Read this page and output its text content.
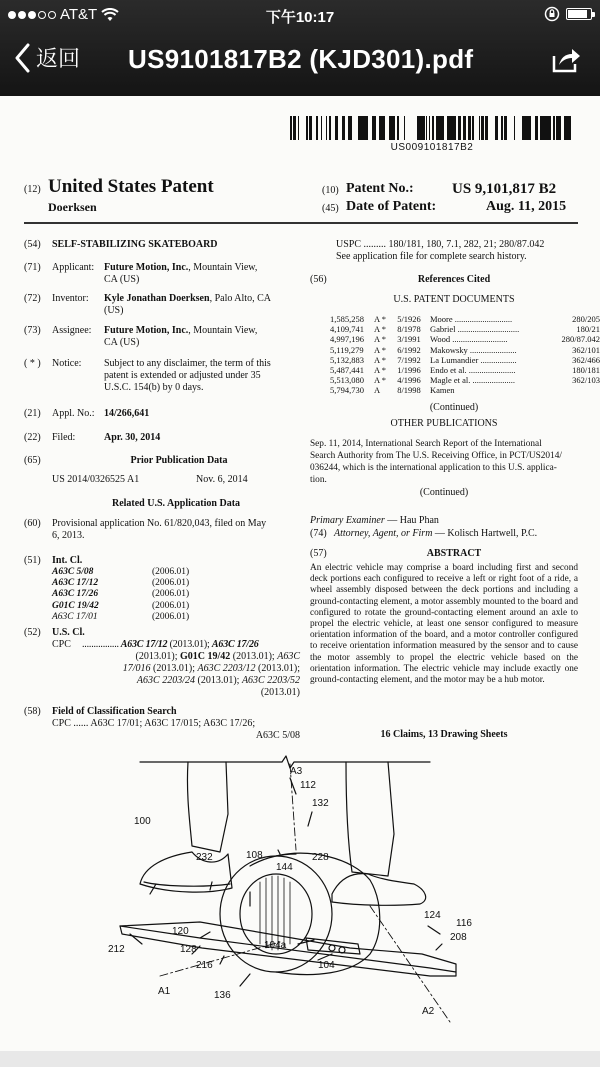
AT&T	下午10:17
返回 US9101817B2 (KJD301).pdf
US009101817B2
(12) United States Patent
Doerksen
(10) Patent No.:	US 9,101,817 B2
(45) Date of Patent:	Aug. 11, 2015
(54) SELF-STABILIZING SKATEBOARD
(71) Applicant: Future Motion, Inc., Mountain View,
CA (US)
(72) Inventor: Kyle Jonathan Doerksen, Palo Alto, CA
(US)
(73) Assignee: Future Motion, Inc., Mountain View,
CA (US)
( * ) Notice: Subject to any disclaimer, the term of this
patent is extended or adjusted under 35
U.S.C. 154(b) by 0 days.
(21) Appl. No.: 14/266,641
(22) Filed:	Apr. 30, 2014
(65)	Prior Publication Data
US 2014/0326525 A1	Nov. 6, 2014
Related U.S. Application Data
(60) Provisional application No. 61/820,043, filed on May
6, 2013.
(51) Int. Cl.
A63C 5/08	(2006.01)
A63C 17/12	(2006.01)
A63C 17/26	(2006.01)
G01C 19/42	(2006.01)
A63C 17/01	(2006.01)
(52) U.S. Cl.
CPC ................ A63C 17/12 (2013.01); A63C 17/26
(2013.01); G01C 19/42 (2013.01); A63C
17/016 (2013.01); A63C 2203/12 (2013.01);
A63C 2203/24 (2013.01); A63C 2203/52
(2013.01)
(58) Field of Classification Search
CPC ...... A63C 17/01; A63C 17/015; A63C 17/26;
A63C 5/08
USPC ......... 180/181, 180, 7.1, 282, 21; 280/87.042
See application file for complete search history.
(56)	References Cited
U.S. PATENT DOCUMENTS
1,585,258	A *	5/1926	Moore ...........................	280/205
4,109,741	A *	8/1978	Gabriel .............................	180/21
4,997,196	A *	3/1991	Wood ..........................	280/87.042
5,119,279	A *	6/1992	Makowsky ......................	362/101
5,132,883	A *	7/1992	La Lumandier .................	362/466
5,487,441	A *	1/1996	Endo et al. ......................	180/181
5,513,080	A *	4/1996	Magle et al. ....................	362/103
5,794,730	A	8/1998	Kamen
(Continued)
OTHER PUBLICATIONS
Sep. 11, 2014, International Search Report of the International
Search Authority from The U.S. Receiving Office, in PCT/US2014/
036244, which is the international application to this U.S. applica-
tion.
(Continued)
Primary Examiner — Hau Phan
(74) Attorney, Agent, or Firm — Kolisch Hartwell, P.C.
(57)	ABSTRACT
An electric vehicle may comprise a board including first and second deck portions each configured to receive a left or right foot of a ride, a wheel assembly disposed between the deck portions and including a ground-contacting element, a motor assembly mounted to the board and configured to rotate the ground-contacting element around an axle to propel the electric vehicle, at least one sensor configured to measure orientation information of the board, and a motor controller configured to receive orientation information measured by the sensor and to cause the motor assembly to propel the electric vehicle based on the orientation information. The electric vehicle may include exactly one ground-contacting element, and the motor may be a hub motor.
16 Claims, 13 Drawing Sheets
A3
112
100
132
108
232	228
144
124
116
208
212
120
128
216
104a
104
A1	136
A2
